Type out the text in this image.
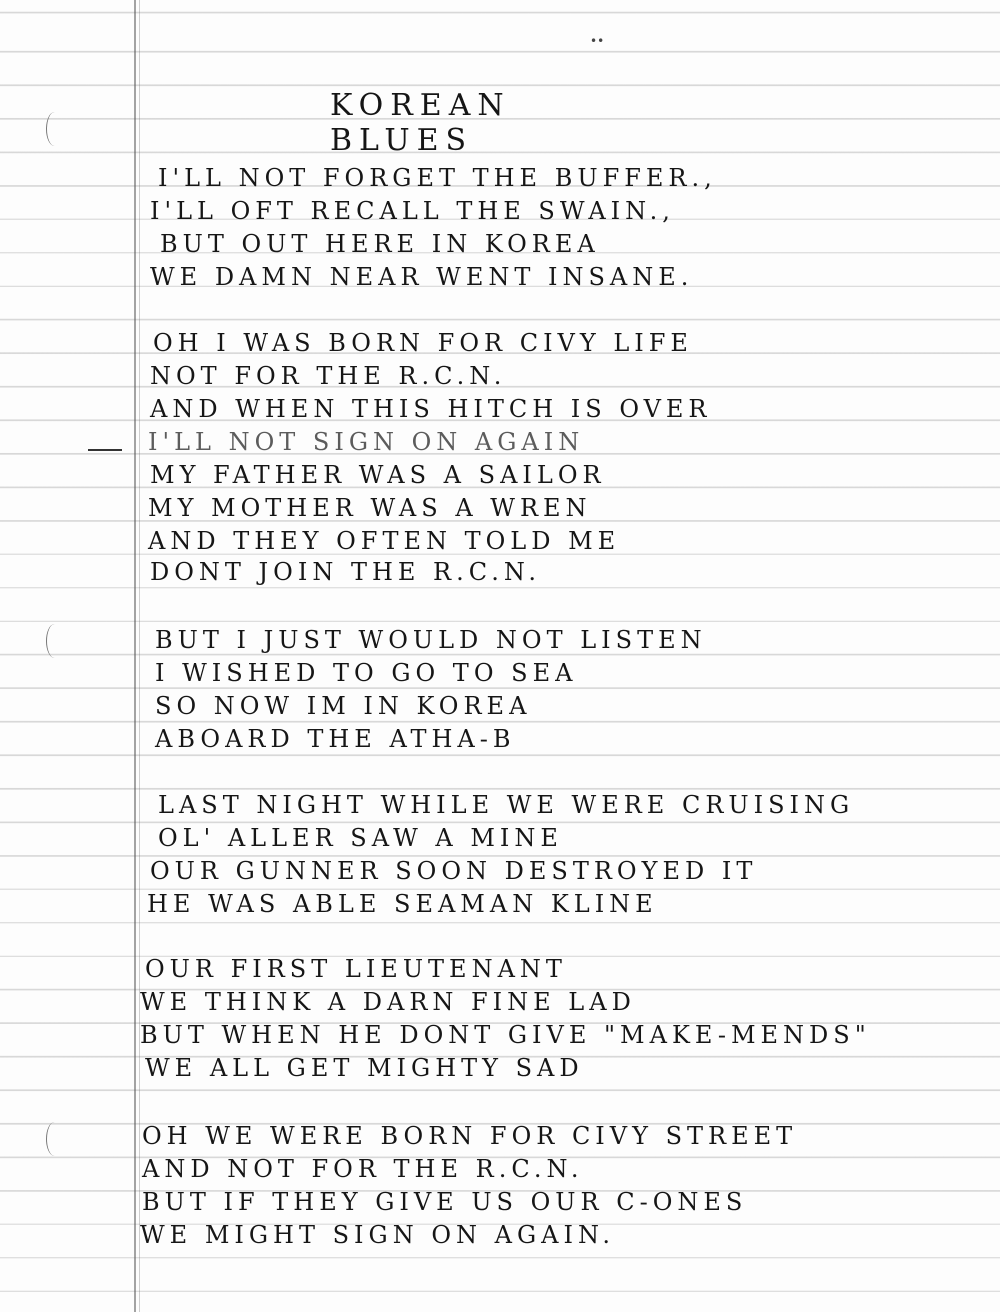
••
KOREAN BLUES
I'LL NOT FORGET THE BUFFER.,
I'LL OFT RECALL THE SWAIN.,
BUT OUT HERE IN KOREA
WE DAMN NEAR WENT INSANE.
OH I WAS BORN FOR CIVY LIFE
NOT FOR THE R.C.N.
AND WHEN THIS HITCH IS OVER
I'LL NOT SIGN ON AGAIN
MY FATHER WAS A SAILOR
MY MOTHER WAS A WREN
AND THEY OFTEN TOLD ME
DONT JOIN THE R.C.N.
BUT I JUST WOULD NOT LISTEN
I WISHED TO GO TO SEA
SO NOW IM IN KOREA
ABOARD THE ATHA-B
LAST NIGHT WHILE WE WERE CRUISING
OL' ALLER SAW A MINE
OUR GUNNER SOON DESTROYED IT
HE WAS ABLE SEAMAN KLINE
OUR FIRST LIEUTENANT
WE THINK A DARN FINE LAD
BUT WHEN HE DONT GIVE "MAKE-MENDS"
WE ALL GET MIGHTY SAD
OH WE WERE BORN FOR CIVY STREET
AND NOT FOR THE R.C.N.
BUT IF THEY GIVE US OUR C-ONES
WE MIGHT SIGN ON AGAIN.
